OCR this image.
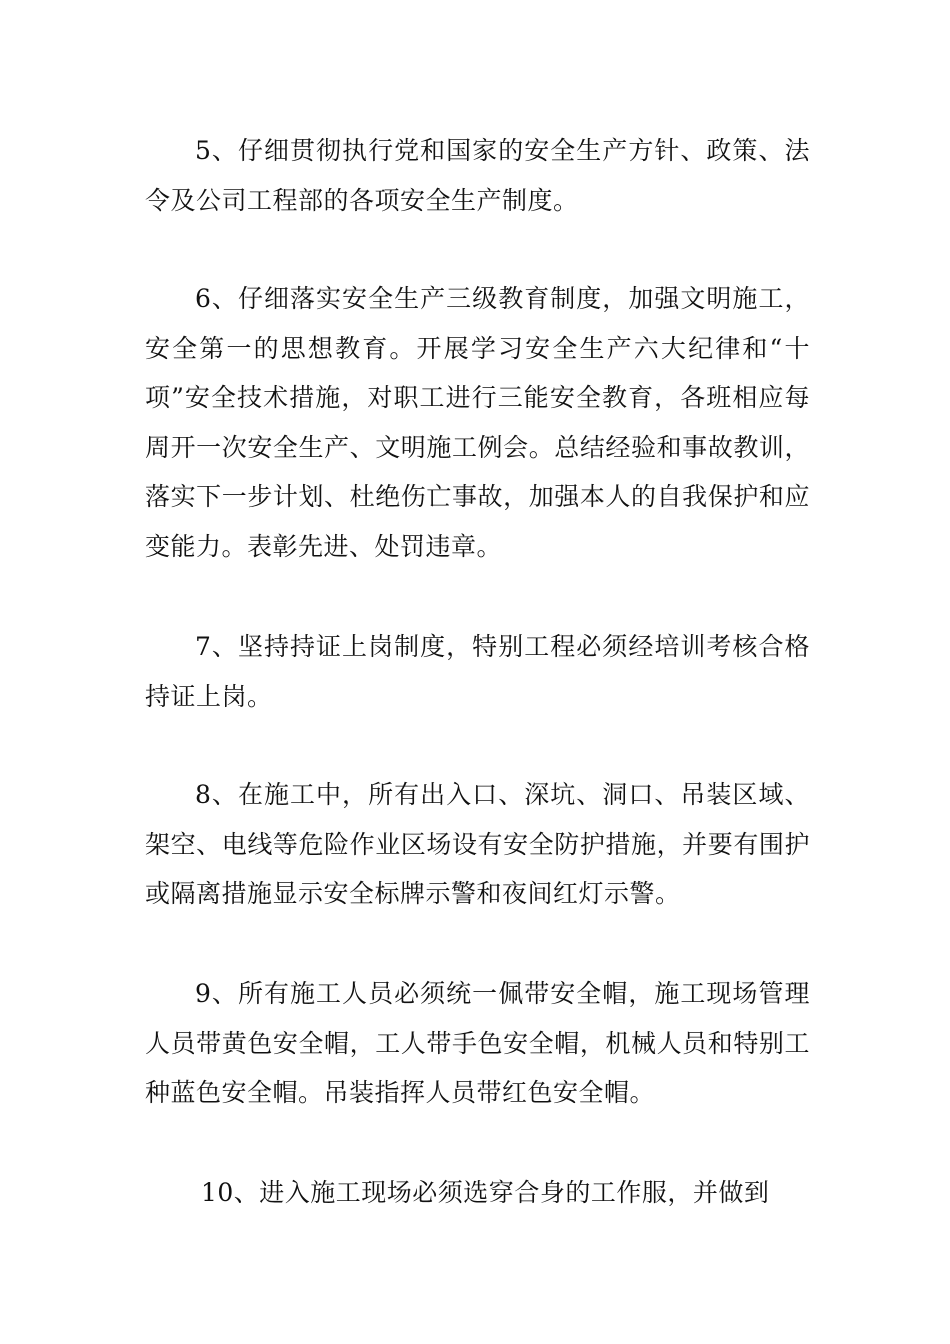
5、仔细贯彻执行党和国家的安全生产方针、政策、法令及公司工程部的各项安全生产制度。

6、仔细落实安全生产三级教育制度，加强文明施工，安全第一的思想教育。开展学习安全生产六大纪律和“十项”安全技术措施，对职工进行三能安全教育，各班相应每周开一次安全生产、文明施工例会。总结经验和事故教训，落实下一步计划、杜绝伤亡事故，加强本人的自我保护和应变能力。表彰先进、处罚违章。

7、坚持持证上岗制度，特别工程必须经培训考核合格持证上岗。

8、在施工中，所有出入口、深坑、洞口、吊装区域、架空、电线等危险作业区场设有安全防护措施，并要有围护或隔离措施显示安全标牌示警和夜间红灯示警。

9、所有施工人员必须统一佩带安全帽，施工现场管理人员带黄色安全帽，工人带手色安全帽，机械人员和特别工种蓝色安全帽。吊装指挥人员带红色安全帽。

10、进入施工现场必须选穿合身的工作服，并做到
